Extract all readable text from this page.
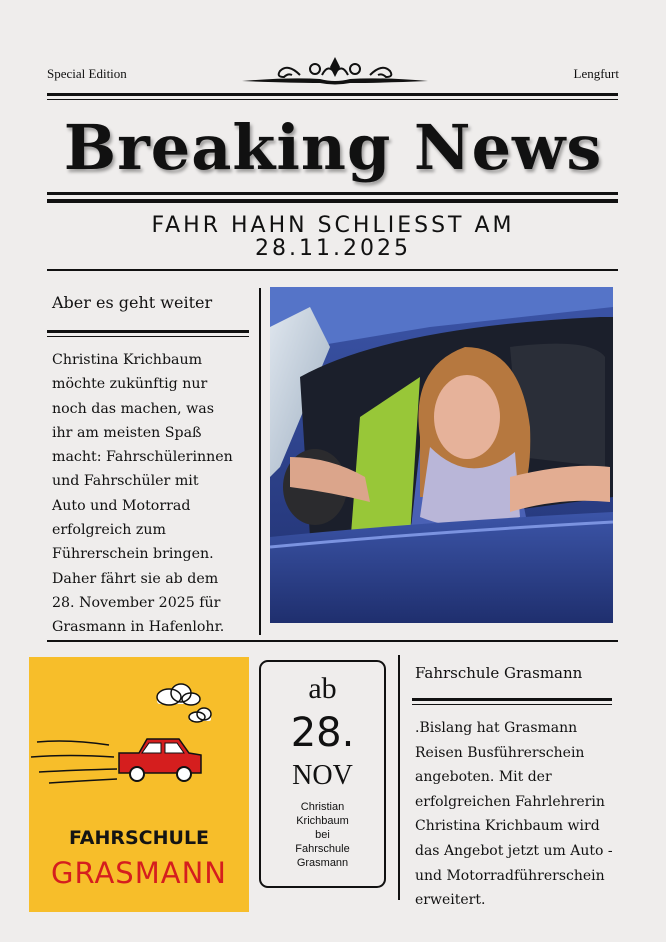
Special Edition	Lengfurt
Breaking News
FAHR HAHN SCHLIESST AM
28.11.2025
Aber es geht weiter
Christina Krichbaum
möchte zukünftig nur
noch das machen, was
ihr am meisten Spaß
macht: Fahrschülerinnen
und Fahrschüler mit
Auto und Motorrad
erfolgreich zum
Führerschein bringen.
Daher fährt sie ab dem
28. November 2025 für
Grasmann in Hafenlohr.
FAHRSCHULE
GRASMANN
ab
28.
NOV
Christian
Krichbaum
bei
Fahrschule
Grasmann
Fahrschule Grasmann
.Bislang hat Grasmann
Reisen Busführerschein
angeboten. Mit der
erfolgreichen Fahrlehrerin
Christina Krichbaum wird
das Angebot jetzt um Auto -
und Motorradführerschein
erweitert.
